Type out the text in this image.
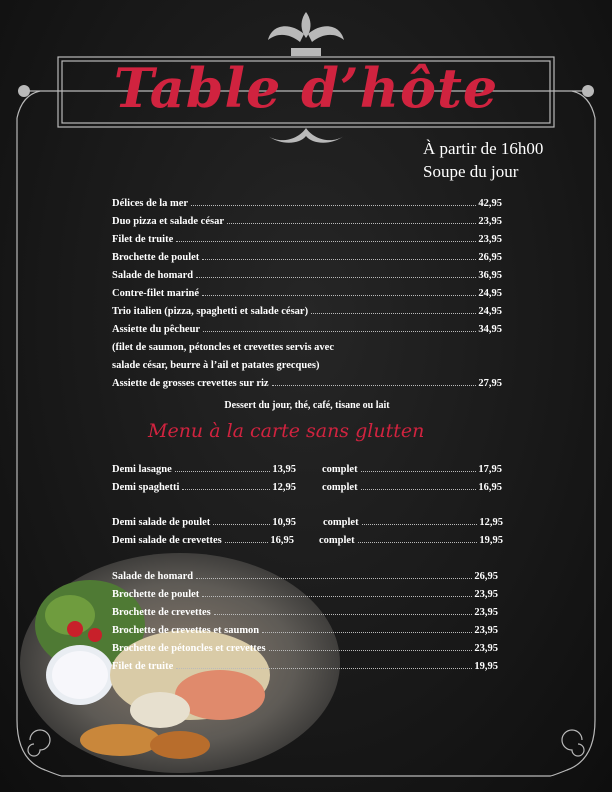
Table d’hôte
À partir de 16h00
Soupe du jour
Délices de la mer	42,95
Duo pizza et salade césar	23,95
Filet de truite	23,95
Brochette de poulet	26,95
Salade de homard	36,95
Contre-filet mariné	24,95
Trio italien (pizza, spaghetti et salade césar)	24,95
Assiette du pêcheur	34,95
(filet de saumon, pétoncles et crevettes servis avec
salade césar, beurre à l’ail et patates grecques)
Assiette de grosses crevettes sur riz	27,95
Dessert du jour, thé, café, tisane ou lait
Menu à la carte sans glutten
Demi lasagne	13,95 complet	17,95
Demi spaghetti	12,95 complet	16,95
Demi salade de poulet	10,95	complet	12,95
Demi salade de crevettes	16,95 complet	19,95
Salade de homard	26,95
Brochette de poulet	23,95
Brochette de crevettes	23,95
Brochette de crevettes et saumon	23,95
Brochette de pétoncles et crevettes	23,95
Filet de truite	19,95
